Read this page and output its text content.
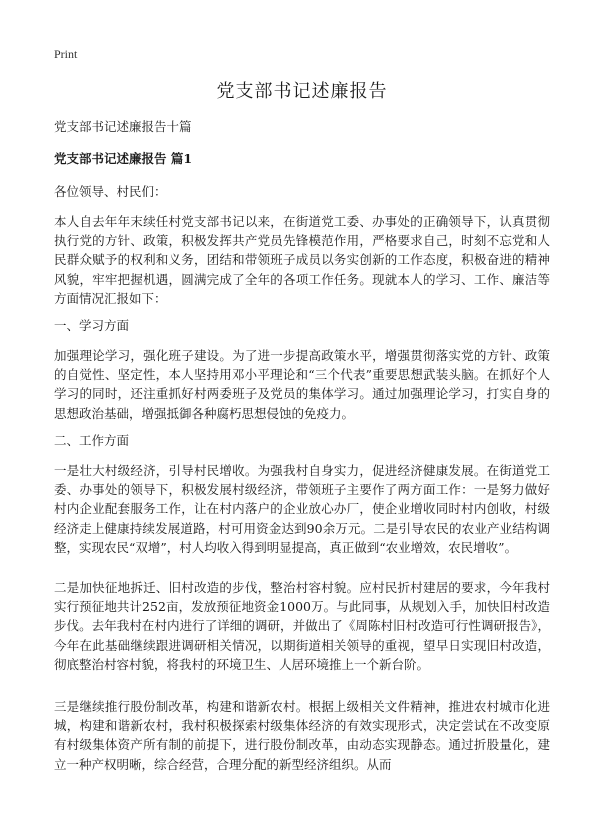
Print
党支部书记述廉报告
党支部书记述廉报告十篇
党支部书记述廉报告 篇1

各位领导、村民们：

本人自去年年末续任村党支部书记以来，在街道党工委、办事处的正确领导下，认真贯彻执行党的方针、政策，积极发挥共产党员先锋模范作用，严格要求自己，时刻不忘党和人民群众赋予的权利和义务，团结和带领班子成员以务实创新的工作态度，积极奋进的精神风貌，牢牢把握机遇，圆满完成了全年的各项工作任务。现就本人的学习、工作、廉洁等方面情况汇报如下：

一、学习方面

加强理论学习，强化班子建设。为了进一步提高政策水平，增强贯彻落实党的方针、政策的自觉性、坚定性，本人坚持用邓小平理论和“三个代表”重要思想武装头脑。在抓好个人学习的同时，还注重抓好村两委班子及党员的集体学习。通过加强理论学习，打实自身的思想政治基础，增强抵御各种腐朽思想侵蚀的免疫力。

二、工作方面

一是壮大村级经济，引导村民增收。为强我村自身实力，促进经济健康发展。在街道党工委、办事处的领导下，积极发展村级经济，带领班子主要作了两方面工作：一是努力做好村内企业配套服务工作，让在村内落户的企业放心办厂，使企业增收同时村内创收，村级经济走上健康持续发展道路，村可用资金达到90余万元。二是引导农民的农业产业结构调整，实现农民“双增”，村人均收入得到明显提高，真正做到“农业增效，农民增收”。

二是加快征地拆迁、旧村改造的步伐，整治村容村貌。应村民折村建居的要求，今年我村实行预征地共计252亩，发放预征地资金1000万。与此同事，从规划入手，加快旧村改造步伐。去年我村在村内进行了详细的调研，并做出了《周陈村旧村改造可行性调研报告》，今年在此基础继续跟进调研相关情况，以期街道相关领导的重视，望早日实现旧村改造，彻底整治村容村貌，将我村的环境卫生、人居环境推上一个新台阶。

三是继续推行股份制改革，构建和谐新农村。根据上级相关文件精神，推进农村城市化进城，构建和谐新农村，我村积极探索村级集体经济的有效实现形式，决定尝试在不改变原有村级集体资产所有制的前提下，进行股份制改革，由动态实现静态。通过折股量化，建立一种产权明晰，综合经营，合理分配的新型经济组织。从而
